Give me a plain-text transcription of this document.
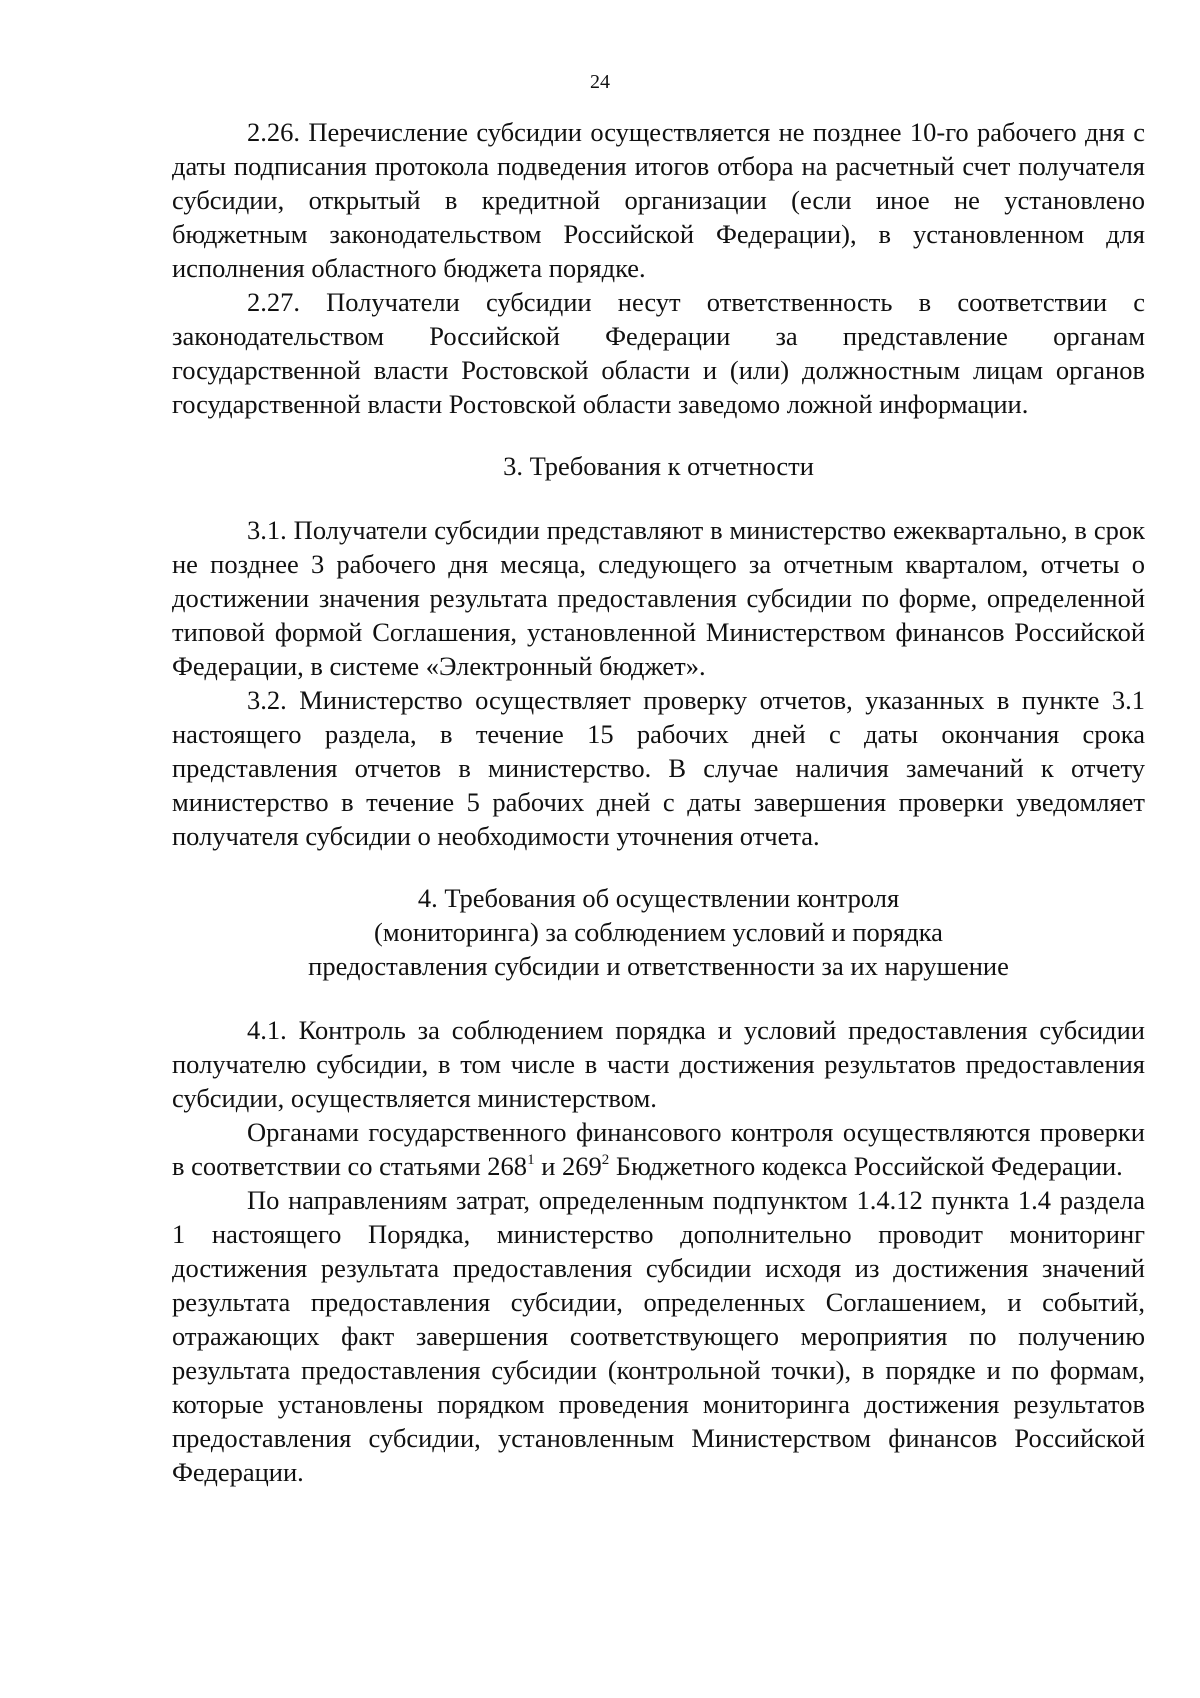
24

2.26. Перечисление субсидии осуществляется не позднее 10-го рабочего дня с даты подписания протокола подведения итогов отбора на расчетный счет получателя субсидии, открытый в кредитной организации (если иное не установлено бюджетным законодательством Российской Федерации), в установленном для исполнения областного бюджета порядке.

2.27. Получатели субсидии несут ответственность в соответствии с законодательством Российской Федерации за представление органам государственной власти Ростовской области и (или) должностным лицам органов государственной власти Ростовской области заведомо ложной информации.

3. Требования к отчетности

3.1. Получатели субсидии представляют в министерство ежеквартально, в срок не позднее 3 рабочего дня месяца, следующего за отчетным кварталом, отчеты о достижении значения результата предоставления субсидии по форме, определенной типовой формой Соглашения, установленной Министерством финансов Российской Федерации, в системе «Электронный бюджет».

3.2. Министерство осуществляет проверку отчетов, указанных в пункте 3.1 настоящего раздела, в течение 15 рабочих дней с даты окончания срока представления отчетов в министерство. В случае наличия замечаний к отчету министерство в течение 5 рабочих дней с даты завершения проверки уведомляет получателя субсидии о необходимости уточнения отчета.

4. Требования об осуществлении контроля
(мониторинга) за соблюдением условий и порядка
предоставления субсидии и ответственности за их нарушение

4.1. Контроль за соблюдением порядка и условий предоставления субсидии получателю субсидии, в том числе в части достижения результатов предоставления субсидии, осуществляется министерством.

Органами государственного финансового контроля осуществляются проверки в соответствии со статьями $268^1$ и $269^2$ Бюджетного кодекса Российской Федерации.

По направлениям затрат, определенным подпунктом 1.4.12 пункта 1.4 раздела 1 настоящего Порядка, министерство дополнительно проводит мониторинг достижения результата предоставления субсидии исходя из достижения значений результата предоставления субсидии, определенных Соглашением, и событий, отражающих факт завершения соответствующего мероприятия по получению результата предоставления субсидии (контрольной точки), в порядке и по формам, которые установлены порядком проведения мониторинга достижения результатов предоставления субсидии, установленным Министерством финансов Российской Федерации.
